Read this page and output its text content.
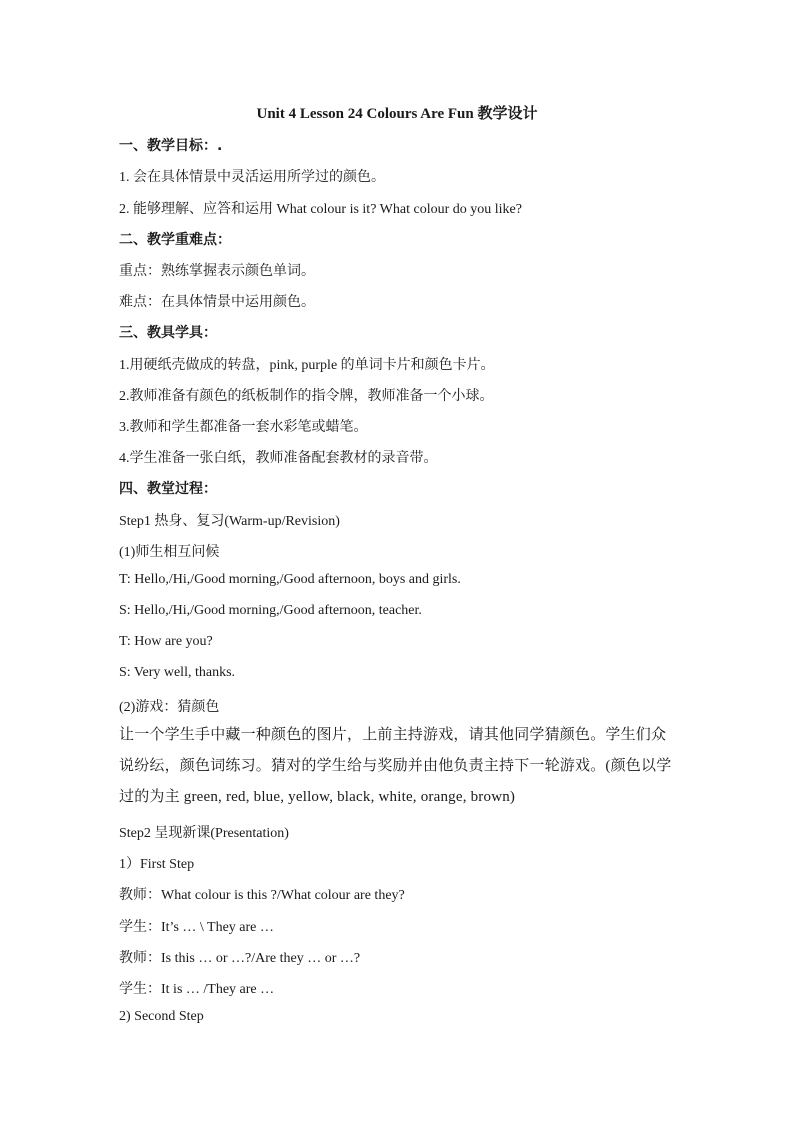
Unit 4 Lesson 24 Colours Are Fun 教学设计
一、教学目标：.
1. 会在具体情景中灵活运用所学过的颜色。
2. 能够理解、应答和运用 What colour is it? What colour do you like?
二、教学重难点：
重点：熟练掌握表示颜色单词。
难点：在具体情景中运用颜色。
三、教具学具：
1.用硬纸壳做成的转盘，pink, purple 的单词卡片和颜色卡片。
2.教师准备有颜色的纸板制作的指令牌，教师准备一个小球。
3.教师和学生都准备一套水彩笔或蜡笔。
4.学生准备一张白纸，教师准备配套教材的录音带。
四、教堂过程：
Step1 热身、复习(Warm-up/Revision)
(1)师生相互问候
T: Hello,/Hi,/Good morning,/Good afternoon, boys and girls.
S: Hello,/Hi,/Good morning,/Good afternoon, teacher.
T: How are you?
S: Very well, thanks.
(2)游戏：猜颜色
让一个学生手中藏一种颜色的图片，上前主持游戏，请其他同学猜颜色。学生们众说纷纭，颜色词练习。猜对的学生给与奖励并由他负责主持下一轮游戏。(颜色以学过的为主 green, red, blue, yellow, black, white, orange, brown)
Step2 呈现新课(Presentation)
1）First Step
教师：What colour is this ?/What colour are they?
学生：It’s … \ They are …
教师：Is this … or …?/Are they … or …?
学生：It is … /They are …
2) Second Step
